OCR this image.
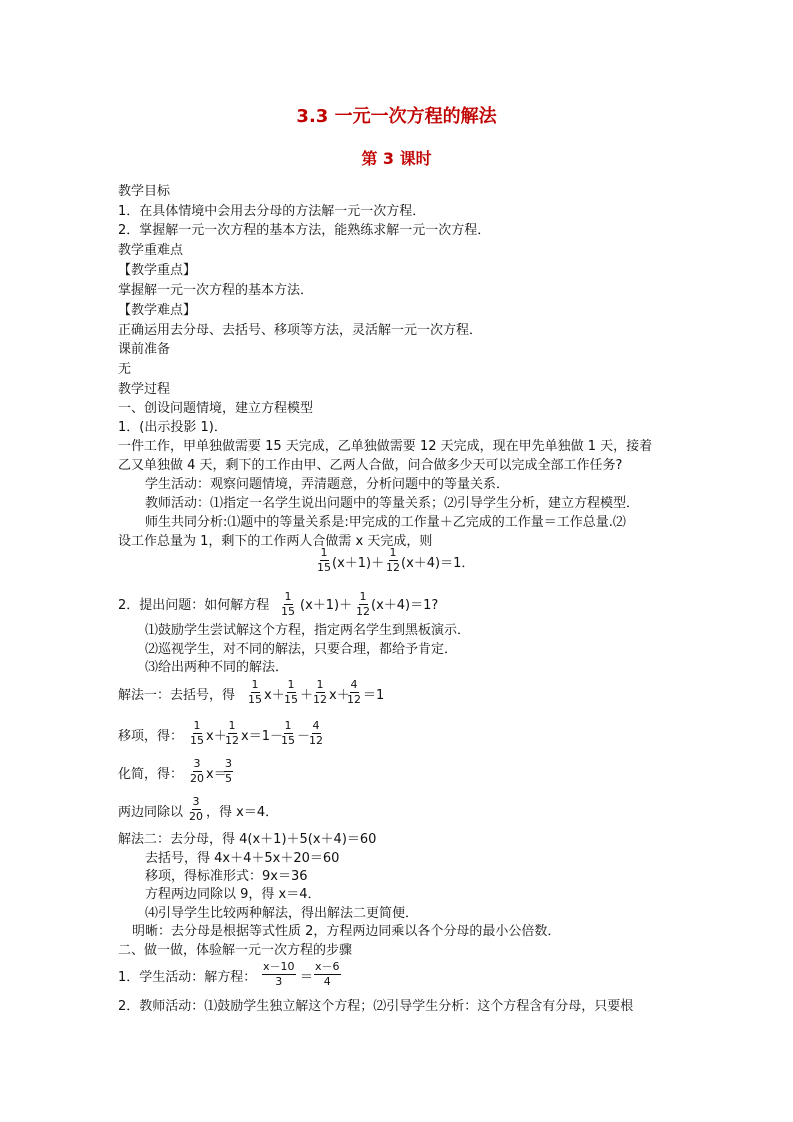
3.3 一元一次方程的解法
第 3 课时
教学目标
1．在具体情境中会用去分母的方法解一元一次方程．
2．掌握解一元一次方程的基本方法，能熟练求解一元一次方程．
教学重难点
【教学重点】
掌握解一元一次方程的基本方法．
【教学难点】
正确运用去分母、去括号、移项等方法，灵活解一元一次方程．
课前准备
无
教学过程
一、创设问题情境，建立方程模型
1．(出示投影 1)．
一件工作，甲单独做需要 15 天完成，乙单独做需要 12 天完成，现在甲先单独做 1 天，接着
乙又单独做 4 天，剩下的工作由甲、乙两人合做，问合做多少天可以完成全部工作任务?
学生活动：观察问题情境，弄清题意，分析问题中的等量关系．
教师活动：⑴指定一名学生说出问题中的等量关系；⑵引导学生分析，建立方程模型．
师生共同分析:⑴题中的等量关系是:甲完成的工作量＋乙完成的工作量＝工作总量.⑵
设工作总量为 1，剩下的工作两人合做需 x 天完成，则
$\frac{1}{15} (x+1)+ \frac{1}{12} (x+4)=1$．
2．提出问题：如何解方程 $\frac{1}{15} (x+1)+ \frac{1}{12} (x+4)=1$?
⑴鼓励学生尝试解这个方程，指定两名学生到黑板演示．
⑵巡视学生，对不同的解法，只要合理，都给予肯定．
⑶给出两种不同的解法．
解法一：去括号，得 $\frac{1}{15} x+$
$\frac{1}{15}$ ＋
$\frac{1}{12} x+$
$\frac{4}{12} =1$
移项，得： $\frac{1}{15} x+$
$\frac{1}{12} x=1-$
$\frac{1}{15}$ －
$\frac{4}{12}$
化简，得： $\frac{3}{20} x=$
$\frac{3}{5}$
两边同除以 $\frac{3}{20}$ ，得 x＝4．
解法二：去分母，得 4(x＋1)＋5(x＋4)＝60
去括号，得 4x＋4＋5x＋20＝60
移项，得标准形式：9x＝36
方程两边同除以 9，得 x＝4．
⑷引导学生比较两种解法，得出解法二更简便．
明晰：去分母是根据等式性质 2，方程两边同乘以各个分母的最小公倍数．
二、做一做，体验解一元一次方程的步骤
1．学生活动：解方程： $\frac{x-10}{3} = \frac{x-6}{4}$
2．教师活动：⑴鼓励学生独立解这个方程；⑵引导学生分析：这个方程含有分母，只要根
